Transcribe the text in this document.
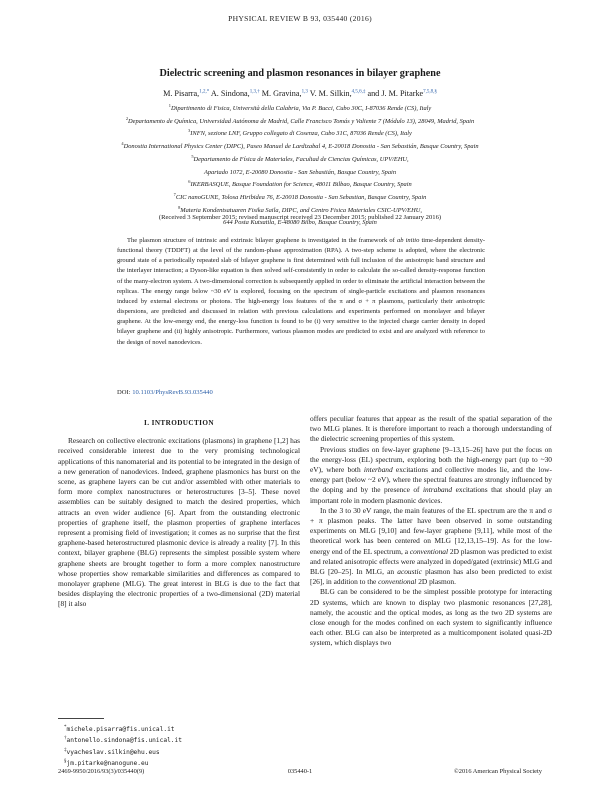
PHYSICAL REVIEW B 93, 035440 (2016)
Dielectric screening and plasmon resonances in bilayer graphene
M. Pisarra,$^{1,2,*}$ A. Sindona,$^{1,3,\dagger}$ M. Gravina,$^{1,3}$ V. M. Silkin,$^{4,5,6,\ddagger}$ and J. M. Pitarke$^{7,5,8,\S}$
$^1$Dipartimento di Fisica, Università della Calabria, Via P. Bucci, Cubo 30C, I-87036 Rende (CS), Italy
$^2$Departamento de Química, Universidad Autónoma de Madrid, Calle Francisco Tomás y Valiente 7 (Módulo 13), 28049, Madrid, Spain
$^3$INFN, sezione LNF, Gruppo collegato di Cosenza, Cubo 31C, 87036 Rende (CS), Italy
$^4$Donostia International Physics Center (DIPC), Paseo Manuel de Lardizabal 4, E-20018 Donostia - San Sebastián, Basque Country, Spain
$^5$Departamento de Física de Materiales, Facultad de Ciencias Químicas, UPV/EHU,
Apartado 1072, E-20080 Donostia - San Sebastián, Basque Country, Spain
$^6$IKERBASQUE, Basque Foundation for Science, 48011 Bilbao, Basque Country, Spain
$^7$CIC nanoGUNE, Tolosa Hiribidea 76, E-20018 Donostia - San Sebastian, Basque Country, Spain
$^8$Materia Kondentsatuaren Fisika Saila, DIPC, and Centro Fisica Materiales CSIC-UPV/EHU,
644 Posta Kutxatila, E-48080 Bilbo, Basque Country, Spain
(Received 3 September 2015; revised manuscript received 23 December 2015; published 22 January 2016)

The plasmon structure of intrinsic and extrinsic bilayer graphene is investigated in the framework of ab initio time-dependent density-functional theory (TDDFT) at the level of the random-phase approximation (RPA). A two-step scheme is adopted, where the electronic ground state of a periodically repeated slab of bilayer graphene is first determined with full inclusion of the anisotropic band structure and the interlayer interaction; a Dyson-like equation is then solved self-consistently in order to calculate the so-called density-response function of the many-electron system. A two-dimensional correction is subsequently applied in order to eliminate the artificial interaction between the replicas. The energy range below ~30 eV is explored, focusing on the spectrum of single-particle excitations and plasmon resonances induced by external electrons or photons. The high-energy loss features of the π and σ + π plasmons, particularly their anisotropic dispersions, are predicted and discussed in relation with previous calculations and experiments performed on monolayer and bilayer graphene. At the low-energy end, the energy-loss function is found to be (i) very sensitive to the injected charge carrier density in doped bilayer graphene and (ii) highly anisotropic. Furthermore, various plasmon modes are predicted to exist and are analyzed with reference to the design of novel nanodevices.

DOI: 10.1103/PhysRevB.93.035440
I. INTRODUCTION

Research on collective electronic excitations (plasmons) in graphene [1,2] has received considerable interest due to the very promising technological applications of this nanomaterial and its potential to be integrated in the design of a new generation of nanodevices. Indeed, graphene plasmonics has burst on the scene, as graphene layers can be cut and/or assembled with other materials to form more complex nanostructures or heterostructures [3–5]. These novel assemblies can be suitably designed to match the desired properties, which attracts an even wider audience [6]. Apart from the outstanding electronic properties of graphene itself, the plasmon properties of graphene interfaces represent a promising field of investigation; it comes as no surprise that the first graphene-based heterostructured plasmonic device is already a reality [7]. In this context, bilayer graphene (BLG) represents the simplest possible system where graphene sheets are brought together to form a more complex nanostructure whose properties show remarkable similarities and differences as compared to monolayer graphene (MLG). The great interest in BLG is due to the fact that besides displaying the electronic properties of a two-dimensional (2D) material [8] it also

offers peculiar features that appear as the result of the spatial separation of the two MLG planes. It is therefore important to reach a thorough understanding of the dielectric screening properties of this system.

Previous studies on few-layer graphene [9–13,15–26] have put the focus on the energy-loss (EL) spectrum, exploring both the high-energy part (up to ~30 eV), where both interband excitations and collective modes lie, and the low-energy part (below ~2 eV), where the spectral features are strongly influenced by the doping and by the presence of intraband excitations that should play an important role in modern plasmonic devices.

In the 3 to 30 eV range, the main features of the EL spectrum are the π and σ + π plasmon peaks. The latter have been observed in some outstanding experiments on MLG [9,10] and few-layer graphene [9,11], while most of the theoretical work has been centered on MLG [12,13,15–19]. As for the low-energy end of the EL spectrum, a conventional 2D plasmon was predicted to exist and related anisotropic effects were analyzed in doped/gated (extrinsic) MLG and BLG [20–25]. In MLG, an acoustic plasmon has also been predicted to exist [26], in addition to the conventional 2D plasmon.

BLG can be considered to be the simplest possible prototype for interacting 2D systems, which are known to display two plasmonic resonances [27,28], namely, the acoustic and the optical modes, as long as the two 2D systems are close enough for the modes confined on each system to significantly influence each other. BLG can also be interpreted as a multicomponent isolated quasi-2D system, which displays two

*michele.pisarra@fis.unical.it
†antonello.sindona@fis.unical.it
‡vyacheslav.silkin@ehu.eus
§jm.pitarke@nanogune.eu
2469-9950/2016/93(3)/035440(9)	035440-1	©2016 American Physical Society
